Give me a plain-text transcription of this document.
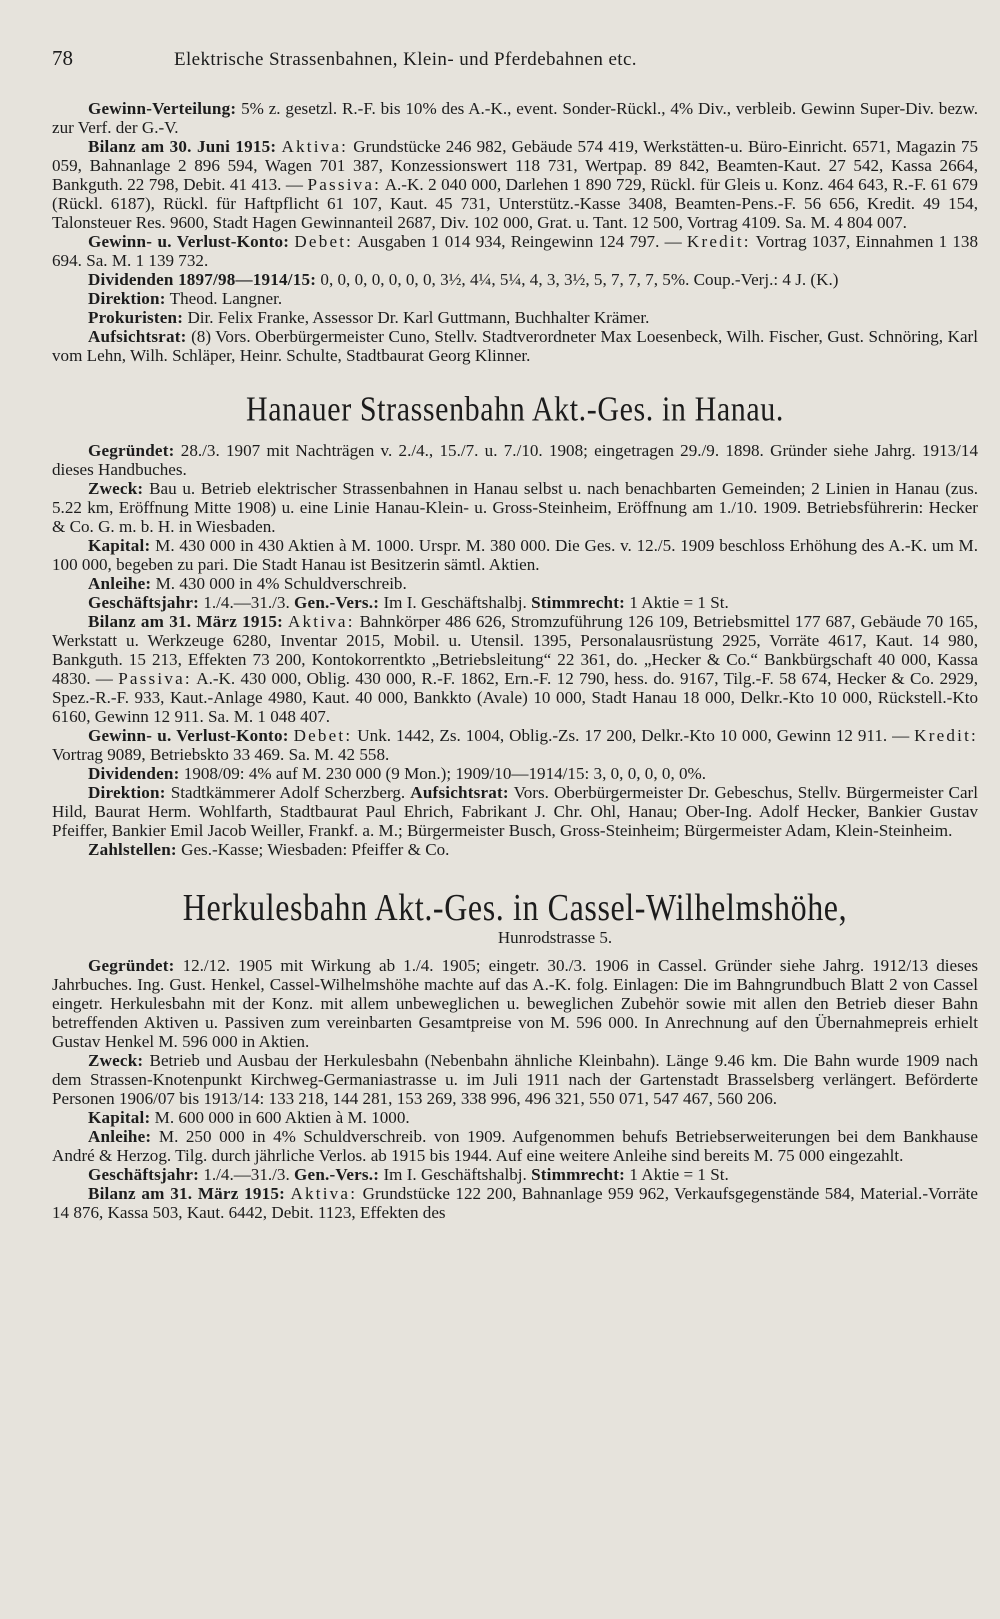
78	Elektrische Strassenbahnen, Klein- und Pferdebahnen etc.

Gewinn-Verteilung: 5% z. gesetzl. R.-F. bis 10% des A.-K., event. Sonder-Rückl., 4% Div., verbleib. Gewinn Super-Div. bezw. zur Verf. der G.-V.

Bilanz am 30. Juni 1915: Aktiva: Grundstücke 246 982, Gebäude 574 419, Werkstätten-u. Büro-Einricht. 6571, Magazin 75 059, Bahnanlage 2 896 594, Wagen 701 387, Konzessionswert 118 731, Wertpap. 89 842, Beamten-Kaut. 27 542, Kassa 2664, Bankguth. 22 798, Debit. 41 413. — Passiva: A.-K. 2 040 000, Darlehen 1 890 729, Rückl. für Gleis u. Konz. 464 643, R.-F. 61 679 (Rückl. 6187), Rückl. für Haftpflicht 61 107, Kaut. 45 731, Unterstütz.-Kasse 3408, Beamten-Pens.-F. 56 656, Kredit. 49 154, Talonsteuer Res. 9600, Stadt Hagen Gewinnanteil 2687, Div. 102 000, Grat. u. Tant. 12 500, Vortrag 4109. Sa. M. 4 804 007.

Gewinn- u. Verlust-Konto: Debet: Ausgaben 1 014 934, Reingewinn 124 797. — Kredit: Vortrag 1037, Einnahmen 1 138 694. Sa. M. 1 139 732.

Dividenden 1897/98—1914/15: 0, 0, 0, 0, 0, 0, 0, 3½, 4¼, 5¼, 4, 3, 3½, 5, 7, 7, 7, 5%. Coup.-Verj.: 4 J. (K.)

Direktion: Theod. Langner.

Prokuristen: Dir. Felix Franke, Assessor Dr. Karl Guttmann, Buchhalter Krämer.

Aufsichtsrat: (8) Vors. Oberbürgermeister Cuno, Stellv. Stadtverordneter Max Loesenbeck, Wilh. Fischer, Gust. Schnöring, Karl vom Lehn, Wilh. Schläper, Heinr. Schulte, Stadtbaurat Georg Klinner.

Hanauer Strassenbahn Akt.-Ges. in Hanau.

Gegründet: 28./3. 1907 mit Nachträgen v. 2./4., 15./7. u. 7./10. 1908; eingetragen 29./9. 1898. Gründer siehe Jahrg. 1913/14 dieses Handbuches.

Zweck: Bau u. Betrieb elektrischer Strassenbahnen in Hanau selbst u. nach benachbarten Gemeinden; 2 Linien in Hanau (zus. 5.22 km, Eröffnung Mitte 1908) u. eine Linie Hanau-Klein- u. Gross-Steinheim, Eröffnung am 1./10. 1909. Betriebsführerin: Hecker & Co. G. m. b. H. in Wiesbaden.

Kapital: M. 430 000 in 430 Aktien à M. 1000. Urspr. M. 380 000. Die Ges. v. 12./5. 1909 beschloss Erhöhung des A.-K. um M. 100 000, begeben zu pari. Die Stadt Hanau ist Besitzerin sämtl. Aktien.

Anleihe: M. 430 000 in 4% Schuldverschreib.

Geschäftsjahr: 1./4.—31./3. Gen.-Vers.: Im I. Geschäftshalbj. Stimmrecht: 1 Aktie = 1 St.

Bilanz am 31. März 1915: Aktiva: Bahnkörper 486 626, Stromzuführung 126 109, Betriebsmittel 177 687, Gebäude 70 165, Werkstatt u. Werkzeuge 6280, Inventar 2015, Mobil. u. Utensil. 1395, Personalausrüstung 2925, Vorräte 4617, Kaut. 14 980, Bankguth. 15 213, Effekten 73 200, Kontokorrentkto „Betriebsleitung“ 22 361, do. „Hecker & Co.“ Bankbürgschaft 40 000, Kassa 4830. — Passiva: A.-K. 430 000, Oblig. 430 000, R.-F. 1862, Ern.-F. 12 790, hess. do. 9167, Tilg.-F. 58 674, Hecker & Co. 2929, Spez.-R.-F. 933, Kaut.-Anlage 4980, Kaut. 40 000, Bankkto (Avale) 10 000, Stadt Hanau 18 000, Delkr.-Kto 10 000, Rückstell.-Kto 6160, Gewinn 12 911. Sa. M. 1 048 407.

Gewinn- u. Verlust-Konto: Debet: Unk. 1442, Zs. 1004, Oblig.-Zs. 17 200, Delkr.-Kto 10 000, Gewinn 12 911. — Kredit: Vortrag 9089, Betriebskto 33 469. Sa. M. 42 558.

Dividenden: 1908/09: 4% auf M. 230 000 (9 Mon.); 1909/10—1914/15: 3, 0, 0, 0, 0, 0%.

Direktion: Stadtkämmerer Adolf Scherzberg. Aufsichtsrat: Vors. Oberbürgermeister Dr. Gebeschus, Stellv. Bürgermeister Carl Hild, Baurat Herm. Wohlfarth, Stadtbaurat Paul Ehrich, Fabrikant J. Chr. Ohl, Hanau; Ober-Ing. Adolf Hecker, Bankier Gustav Pfeiffer, Bankier Emil Jacob Weiller, Frankf. a. M.; Bürgermeister Busch, Gross-Steinheim; Bürgermeister Adam, Klein-Steinheim.

Zahlstellen: Ges.-Kasse; Wiesbaden: Pfeiffer & Co.

Herkulesbahn Akt.-Ges. in Cassel-Wilhelmshöhe,
Hunrodstrasse 5.

Gegründet: 12./12. 1905 mit Wirkung ab 1./4. 1905; eingetr. 30./3. 1906 in Cassel. Gründer siehe Jahrg. 1912/13 dieses Jahrbuches. Ing. Gust. Henkel, Cassel-Wilhelmshöhe machte auf das A.-K. folg. Einlagen: Die im Bahngrundbuch Blatt 2 von Cassel eingetr. Herkulesbahn mit der Konz. mit allem unbeweglichen u. beweglichen Zubehör sowie mit allen den Betrieb dieser Bahn betreffenden Aktiven u. Passiven zum vereinbarten Gesamtpreise von M. 596 000. In Anrechnung auf den Übernahmepreis erhielt Gustav Henkel M. 596 000 in Aktien.

Zweck: Betrieb und Ausbau der Herkulesbahn (Nebenbahn ähnliche Kleinbahn). Länge 9.46 km. Die Bahn wurde 1909 nach dem Strassen-Knotenpunkt Kirchweg-Germaniastrasse u. im Juli 1911 nach der Gartenstadt Brasselsberg verlängert. Beförderte Personen 1906/07 bis 1913/14: 133 218, 144 281, 153 269, 338 996, 496 321, 550 071, 547 467, 560 206.

Kapital: M. 600 000 in 600 Aktien à M. 1000.

Anleihe: M. 250 000 in 4% Schuldverschreib. von 1909. Aufgenommen behufs Betriebserweiterungen bei dem Bankhause André & Herzog. Tilg. durch jährliche Verlos. ab 1915 bis 1944. Auf eine weitere Anleihe sind bereits M. 75 000 eingezahlt.

Geschäftsjahr: 1./4.—31./3. Gen.-Vers.: Im I. Geschäftshalbj. Stimmrecht: 1 Aktie = 1 St.

Bilanz am 31. März 1915: Aktiva: Grundstücke 122 200, Bahnanlage 959 962, Verkaufsgegenstände 584, Material.-Vorräte 14 876, Kassa 503, Kaut. 6442, Debit. 1123, Effekten des
